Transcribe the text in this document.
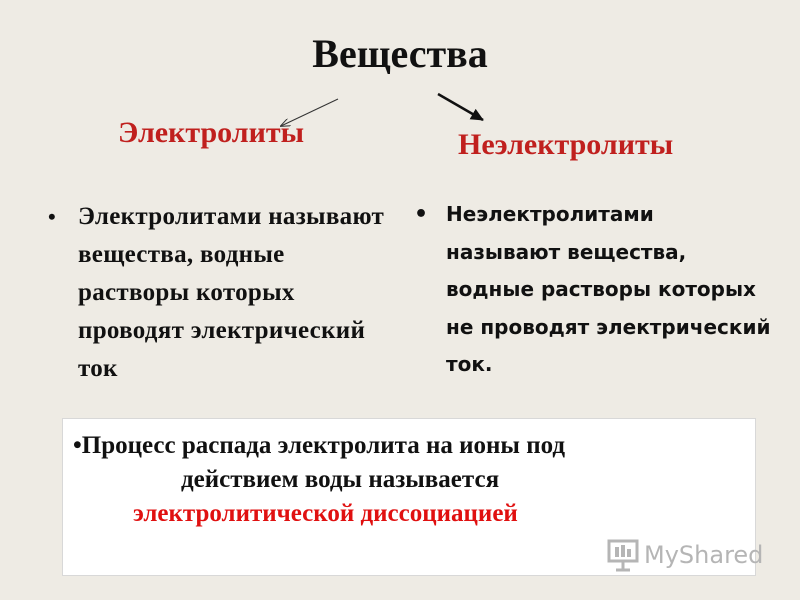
Вещества
Электролиты	Неэлектролиты
• Электролитами называют вещества, водные растворы которых проводят электрический ток
• Неэлектролитами называют вещества, водные растворы которых не проводят электрический ток.
•Процесс распада электролита на ионы под
действием воды называется
электролитической диссоциацией
MyShared
